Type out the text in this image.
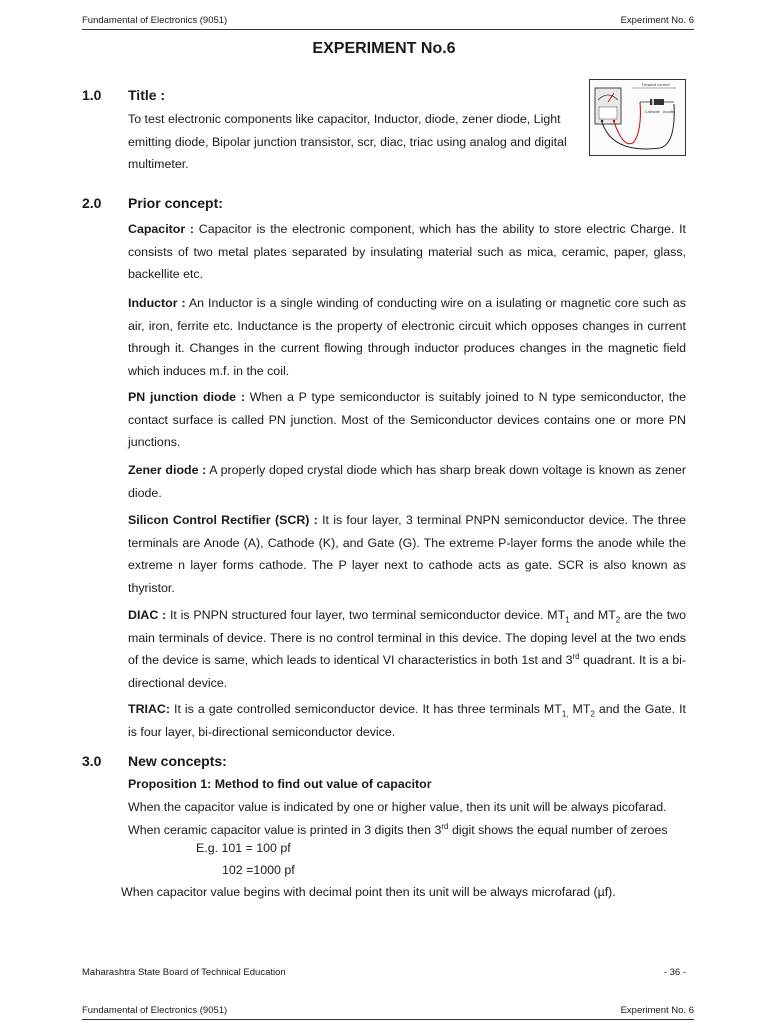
Fundamental of Electronics (9051)	Experiment No. 6
EXPERIMENT No.6
1.0 Title :

To test electronic components like capacitor, Inductor, diode, zener diode, Light emitting diode, Bipolar junction transistor, scr, diac, triac using analog and digital multimeter.

Forward current
Cathode Anode
2.0 Prior concept:

Capacitor : Capacitor is the electronic component, which has the ability to store electric Charge. It consists of two metal plates separated by insulating material such as mica, ceramic, paper, glass, backellite etc.

Inductor : An Inductor is a single winding of conducting wire on a isulating or magnetic core such as air, iron, ferrite etc. Inductance is the property of electronic circuit which opposes changes in current through it. Changes in the current flowing through inductor produces changes in the magnetic field which induces m.f. in the coil.

PN junction diode : When a P type semiconductor is suitably joined to N type semiconductor, the contact surface is called PN junction. Most of the Semiconductor devices contains one or more PN junctions.

Zener diode : A properly doped crystal diode which has sharp break down voltage is known as zener diode.

Silicon Control Rectifier (SCR) : It is four layer, 3 terminal PNPN semiconductor device. The three terminals are Anode (A), Cathode (K), and Gate (G). The extreme P-layer forms the anode while the extreme n layer forms cathode. The P layer next to cathode acts as gate. SCR is also known as thyristor.

DIAC : It is PNPN structured four layer, two terminal semiconductor device. $MT_1$ and $MT_2$ are the two main terminals of device. There is no control terminal in this device. The doping level at the two ends of the device is same, which leads to identical VI characteristics in both 1st and 3rd quadrant. It is a bi-directional device.

TRIAC: It is a gate controlled semiconductor device. It has three terminals $MT_{1,}$ $MT_2$ and the Gate. It is four layer, bi-directional semiconductor device.

3.0 New concepts:
Proposition 1: Method to find out value of capacitor

When the capacitor value is indicated by one or higher value, then its unit will be always picofarad.

When ceramic capacitor value is printed in 3 digits then 3rd digit shows the equal number of zeroes

E.g. 101 = 100 pf
102 =1000 pf
When capacitor value begins with decimal point then its unit will be always microfarad (µf).
Maharashtra State Board of Technical Education	- 36 -
Fundamental of Electronics (9051)	Experiment No. 6
